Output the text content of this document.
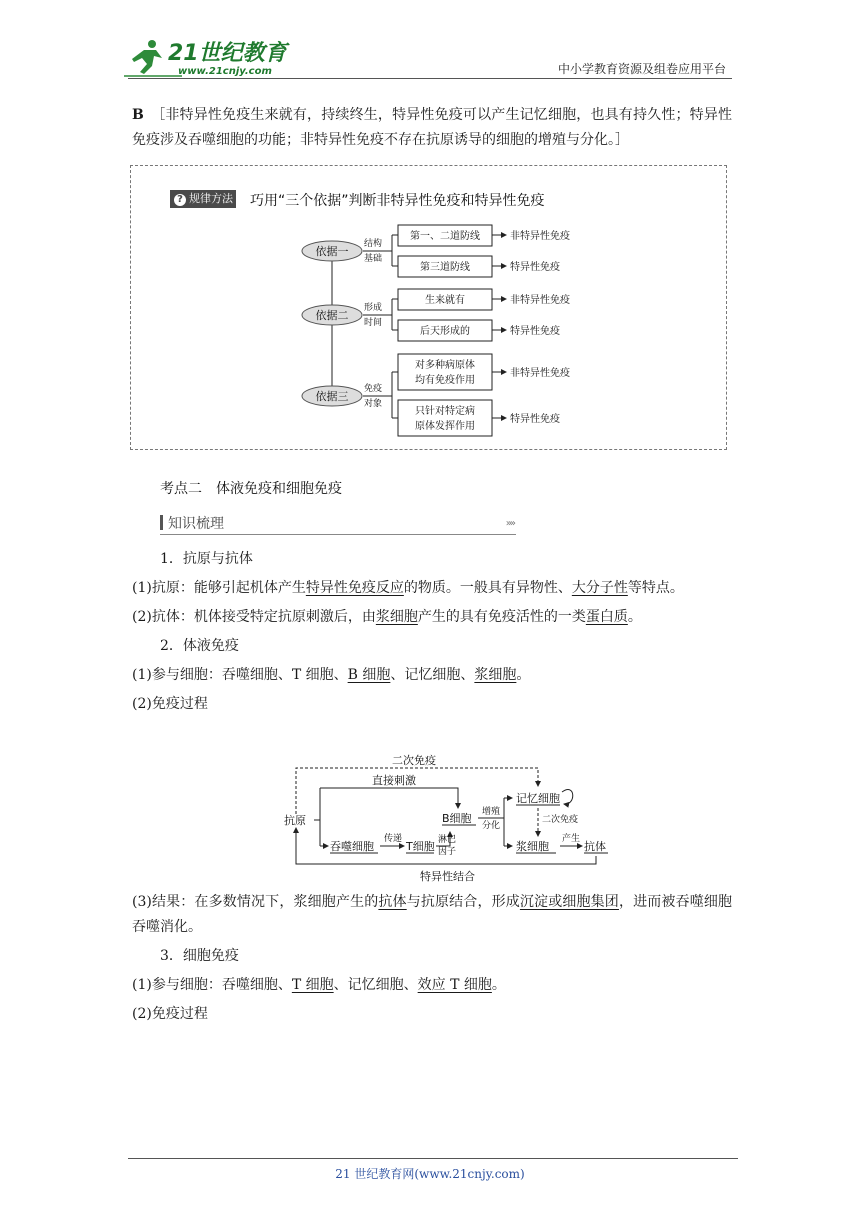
21世纪教育
www.21cnjy.com	中小学教育资源及组卷应用平台

B　 ［非特异性免疫生来就有，持续终生，特异性免疫可以产生记忆细胞，也具有持久性；特异性免疫涉及吞噬细胞的功能；非特异性免疫不存在抗原诱导的细胞的增殖与分化。］

? 规律方法 巧用“三个依据”判断非特异性免疫和特异性免疫
依据一
依据二
依据三
结构
基础
形成
时间
免疫
对象
第一、二道防线
第三道防线
生来就有
后天形成的
对多种病原体
均有免疫作用
只针对特定病
原体发挥作用
非特异性免疫
特异性免疫
非特异性免疫
特异性免疫
非特异性免疫
特异性免疫
考点二　体液免疫和细胞免疫
知识梳理	»»

1．抗原与抗体

(1)抗原：能够引起机体产生特异性免疫反应的物质。一般具有异物性、大分子性等特点。

(2)抗体：机体接受特定抗原刺激后，由浆细胞产生的具有免疫活性的一类蛋白质。

2．体液免疫

(1)参与细胞：吞噬细胞、T 细胞、B 细胞、记忆细胞、浆细胞。

(2)免疫过程

二次免疫
直接刺激
抗原
吞噬细胞
传递
T细胞 淋巴
因子
B细胞 增殖
分化
记忆细胞
二次免疫
浆细胞
产生
抗体
特异性结合

(3)结果：在多数情况下，浆细胞产生的抗体与抗原结合，形成沉淀或细胞集团，进而被吞噬细胞吞噬消化。

3．细胞免疫

(1)参与细胞：吞噬细胞、T 细胞、记忆细胞、效应 T 细胞。

(2)免疫过程

21 世纪教育网(www.21cnjy.com)
